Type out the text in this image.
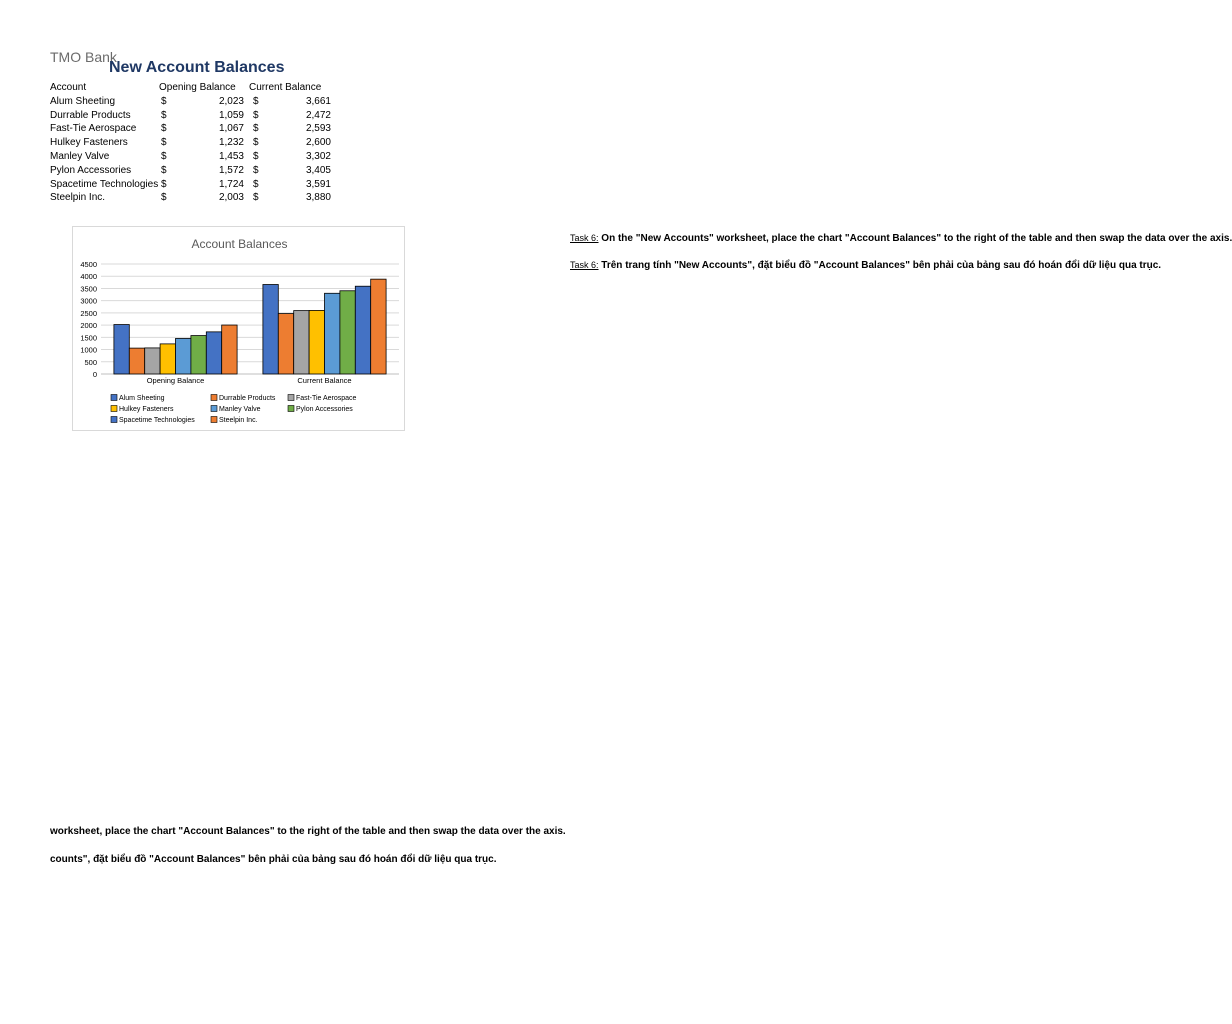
TMO Bank
New Account Balances
Account	Opening Balance Current Balance
Alum Sheeting	$	2,023 $	3,661
Durrable Products	$	1,059 $	2,472
Fast-Tie Aerospace $	1,067 $	2,593
Hulkey Fasteners	$	1,232 $	2,600
Manley Valve	$	1,453 $	3,302
Pylon Accessories	$	1,572 $	3,405
Spacetime Technologies $	1,724 $	3,591
Steelpin Inc.	$	2,003 $	3,880
Account Balances
0
500
1000
1500
2000
2500
3000
3500
4000
4500
Opening Balance	Current Balance
Alum Sheeting	Durrable Products	Fast-Tie Aerospace
Hulkey Fasteners	Manley Valve	Pylon Accessories
Spacetime Technologies	Steelpin Inc.
Task 6: On the "New Accounts" worksheet, place the chart "Account Balances" to the right of the table and then swap the data over the axis.
Task 6: Trên trang tính "New Accounts", đặt biểu đồ "Account Balances" bên phải của bảng sau đó hoán đổi dữ liệu qua trục.
worksheet, place the chart "Account Balances" to the right of the table and then swap the data over the axis.
counts", đặt biểu đồ "Account Balances" bên phải của bảng sau đó hoán đổi dữ liệu qua trục.
